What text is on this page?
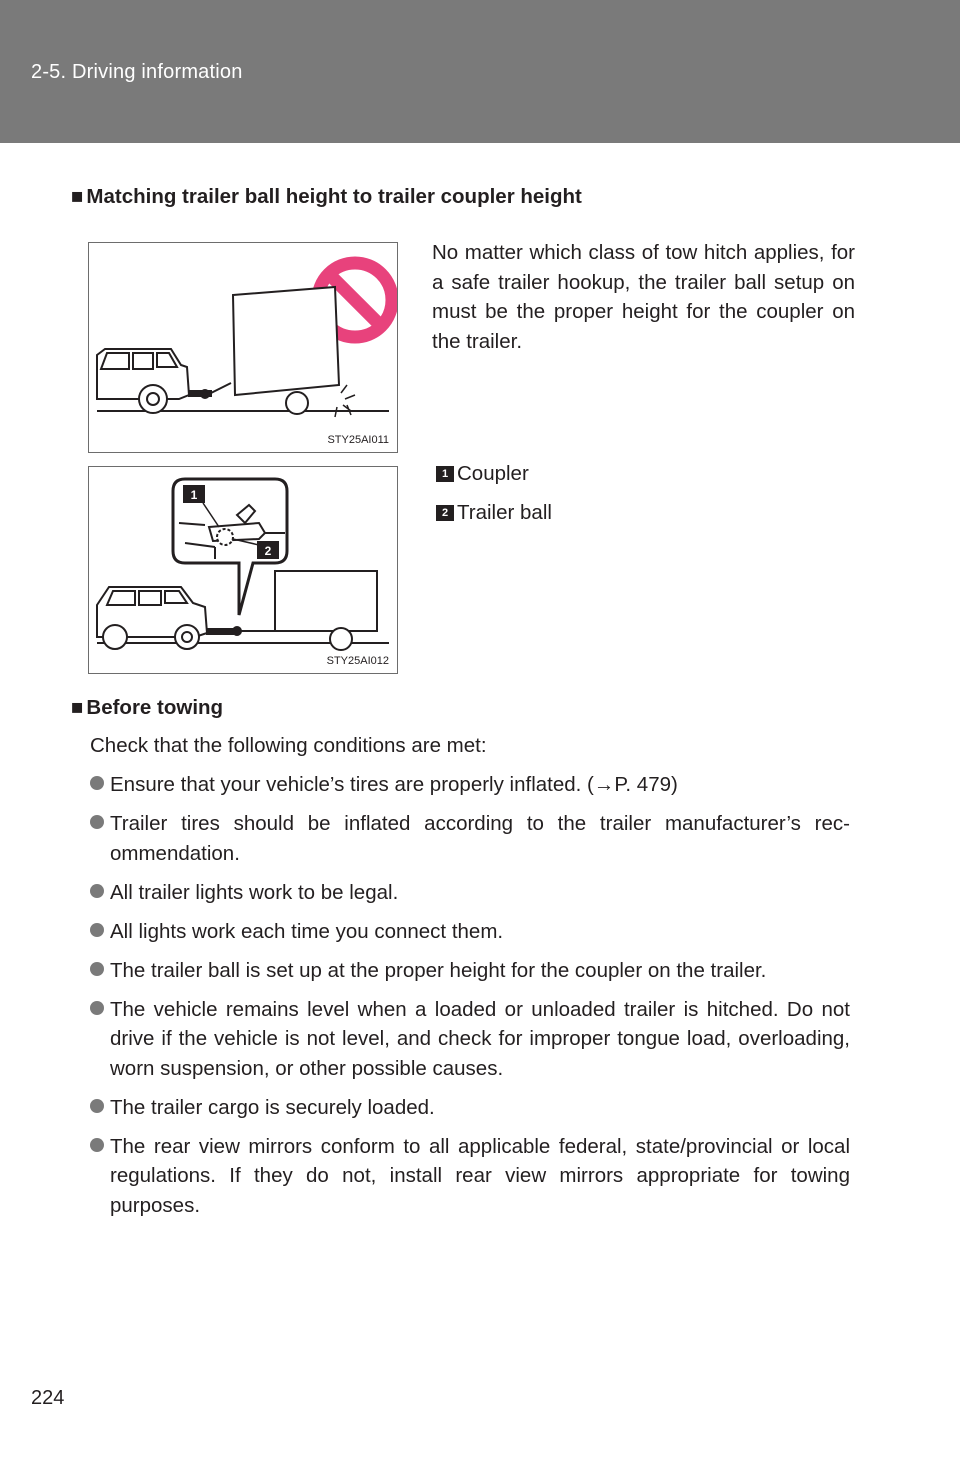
2-5. Driving information
■ Matching trailer ball height to trailer coupler height
STY25AI011
No matter which class of tow hitch applies, for a safe trailer hookup, the trailer ball setup on must be the proper height for the coupler on the trailer.
1
2
STY25AI012
1 Coupler
2 Trailer ball
■ Before towing
Check that the following conditions are met:
Ensure that your vehicle’s tires are properly inflated. (→P. 479)
Trailer tires should be inflated according to the trailer manufacturer’s recommendation.
All trailer lights work to be legal.
All lights work each time you connect them.
The trailer ball is set up at the proper height for the coupler on the trailer.
The vehicle remains level when a loaded or unloaded trailer is hitched. Do not drive if the vehicle is not level, and check for improper tongue load, overloading, worn suspension, or other possible causes.
The trailer cargo is securely loaded.
The rear view mirrors conform to all applicable federal, state/provincial or local regulations. If they do not, install rear view mirrors appropriate for towing purposes.
224
